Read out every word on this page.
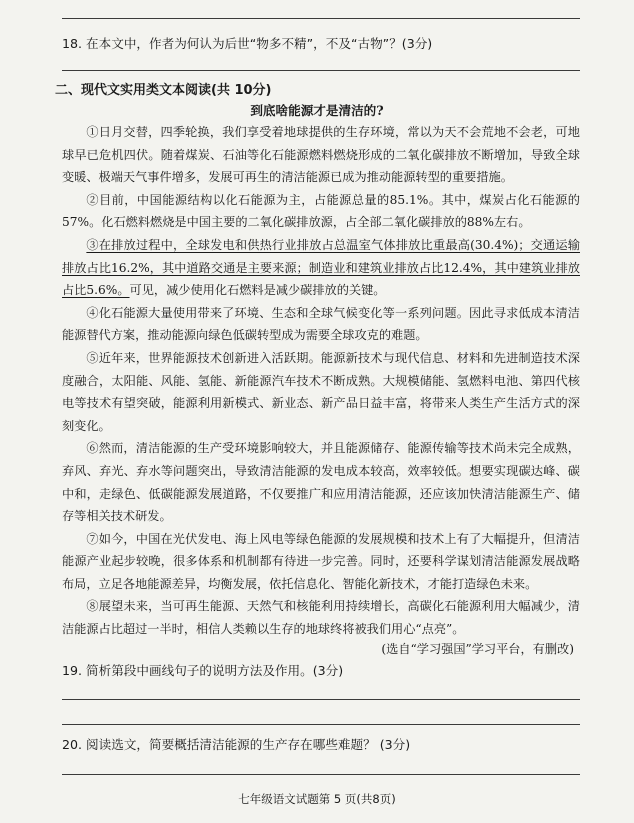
18. 在本文中，作者为何认为后世“物多不精”，不及“古物”？(3分)
二、现代文实用类文本阅读(共 10分)
到底啥能源才是清洁的?

①日月交替，四季轮换，我们享受着地球提供的生存环境，常以为天不会荒地不会老，可地球早已危机四伏。随着煤炭、石油等化石能源燃料燃烧形成的二氧化碳排放不断增加，导致全球变暖、极端天气事件增多，发展可再生的清洁能源已成为推动能源转型的重要措施。

②目前，中国能源结构以化石能源为主，占能源总量的85.1%。其中，煤炭占化石能源的57%。化石燃料燃烧是中国主要的二氧化碳排放源，占全部二氧化碳排放的88%左右。

③在排放过程中，全球发电和供热行业排放占总温室气体排放比重最高(30.4%)；交通运输排放占比16.2%，其中道路交通是主要来源；制造业和建筑业排放占比12.4%，其中建筑业排放占比5.6%。可见，减少使用化石燃料是减少碳排放的关键。

④化石能源大量使用带来了环境、生态和全球气候变化等一系列问题。因此寻求低成本清洁能源替代方案，推动能源向绿色低碳转型成为需要全球攻克的难题。

⑤近年来，世界能源技术创新进入活跃期。能源新技术与现代信息、材料和先进制造技术深度融合，太阳能、风能、氢能、新能源汽车技术不断成熟。大规模储能、氢燃料电池、第四代核电等技术有望突破，能源利用新模式、新业态、新产品日益丰富，将带来人类生产生活方式的深刻变化。

⑥然而，清洁能源的生产受环境影响较大，并且能源储存、能源传输等技术尚未完全成熟，弃风、弃光、弃水等问题突出，导致清洁能源的发电成本较高，效率较低。想要实现碳达峰、碳中和，走绿色、低碳能源发展道路，不仅要推广和应用清洁能源，还应该加快清洁能源生产、储存等相关技术研发。

⑦如今，中国在光伏发电、海上风电等绿色能源的发展规模和技术上有了大幅提升，但清洁能源产业起步较晚，很多体系和机制都有待进一步完善。同时，还要科学谋划清洁能源发展战略布局，立足各地能源差异，均衡发展，依托信息化、智能化新技术，才能打造绿色未来。

⑧展望未来，当可再生能源、天然气和核能利用持续增长，高碳化石能源利用大幅减少，清洁能源占比超过一半时，相信人类赖以生存的地球终将被我们用心“点亮”。

(选自“学习强国”学习平台，有删改)
19. 简析第段中画线句子的说明方法及作用。(3分)
20. 阅读选文，简要概括清洁能源的生产存在哪些难题？ (3分)
七年级语文试题第 5 页(共8页)
